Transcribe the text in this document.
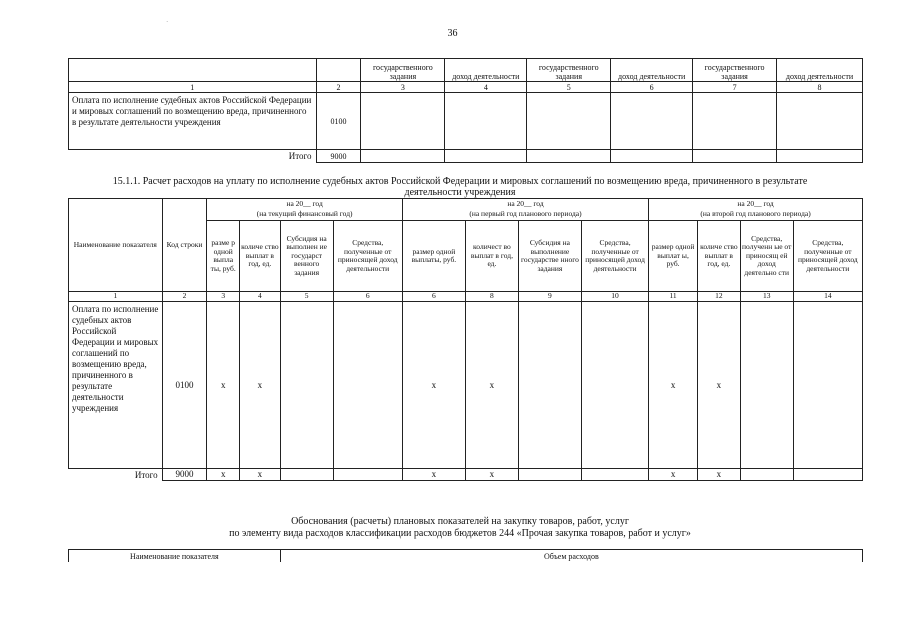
·
36
		государственного задания	доход деятельности	государственного задания	доход деятельности	государственного задания	доход деятельности
1	2	3	4	5	6	7	8
Оплата по исполнение судебных актов Российской Федерации и мировых соглашений по возмещению вреда, причиненного в результате деятельности учреждения	0100						
Итого	9000						
15.1.1. Расчет расходов на уплату по исполнение судебных актов Российской Федерации и мировых соглашений по возмещению вреда, причиненного в результате деятельности учреждения
Наименование показателя	Код строки	на 20__ год				на 20__ год				на 20__ год			
		(на текущий финансовый год)				(на первый год планового периода)				(на второй год планового периода)			
		разме р одной выпла ты, руб.	количе ство выплат в год, ед.	Субсидия на выполнен ие государст венного задания	Средства, полученные от приносящей доход деятельности	размер одной выплаты, руб.	количест во выплат в год, ед.	Субсидия на выполнение государстве нного задания	Средства, полученные от приносящей доход деятельности	размер одной выплат ы, руб.	количе ство выплат в год, ед.	Средства, полученн ые от приносящ ей доход деятельно сти	Средства, полученные от приносящей доход деятельности
1	2	3	4	5	6	6	8	9	10	11	12	13	14
Оплата по исполнение судебных актов Российской Федерации и мировых соглашений по возмещению вреда, причиненного в результате деятельности учреждения	0100	x	x			x	x			x	x		
Итого	9000	x	x			x	x			x	x		
Обоснования (расчеты) плановых показателей на закупку товаров, работ, услуг
по элементу вида расходов классификации расходов бюджетов 244 «Прочая закупка товаров, работ и услуг»
Наименование показателя	Объем расходов
